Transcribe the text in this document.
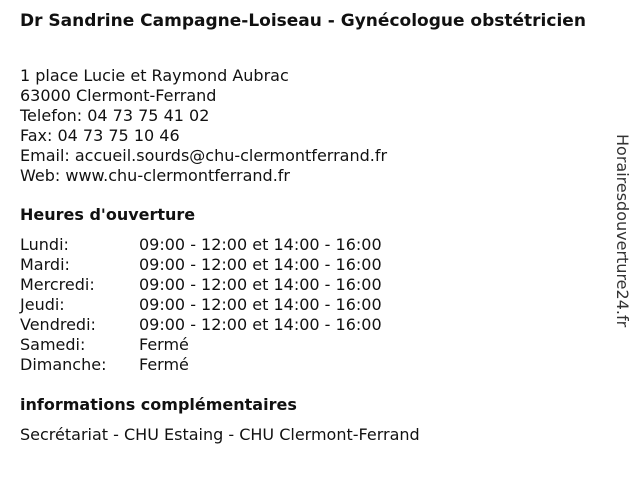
Dr Sandrine Campagne-Loiseau - Gynécologue obstétricien
1 place Lucie et Raymond Aubrac
63000 Clermont-Ferrand
Telefon: 04 73 75 41 02
Fax: 04 73 75 10 46
Email: accueil.sourds@chu-clermontferrand.fr
Web: www.chu-clermontferrand.fr
Heures d'ouverture
Lundi:	09:00 - 12:00 et 14:00 - 16:00
Mardi:	09:00 - 12:00 et 14:00 - 16:00
Mercredi:	09:00 - 12:00 et 14:00 - 16:00
Jeudi:	09:00 - 12:00 et 14:00 - 16:00
Vendredi:	09:00 - 12:00 et 14:00 - 16:00
Samedi:	Fermé
Dimanche: Fermé
informations complémentaires
Secrétariat - CHU Estaing - CHU Clermont-Ferrand
Horairesdouverture24.fr
